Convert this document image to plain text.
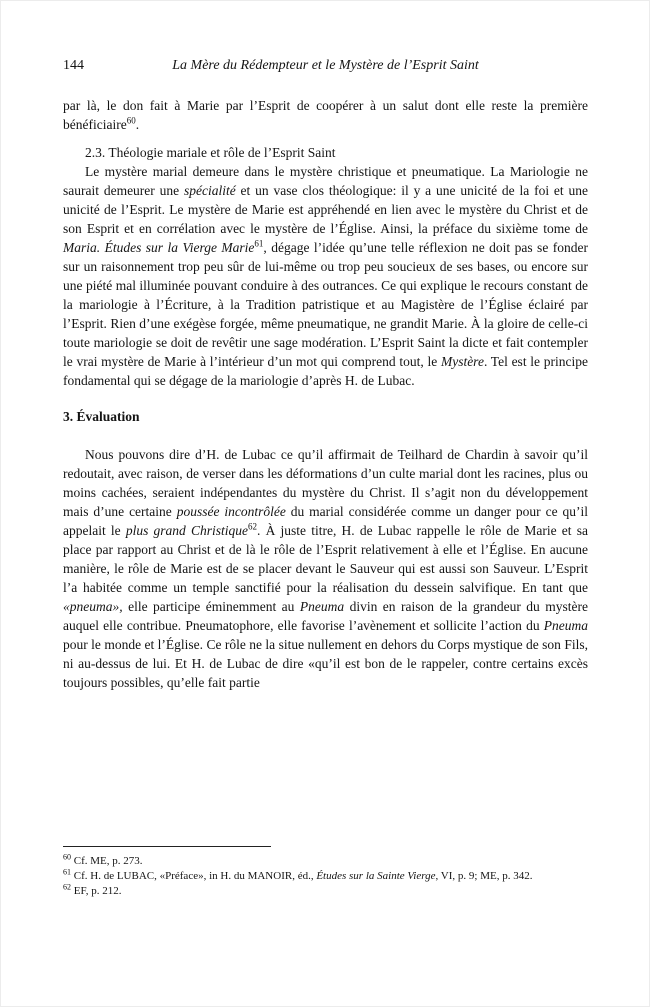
144	La Mère du Rédempteur et le Mystère de l’Esprit Saint

par là, le don fait à Marie par l’Esprit de coopérer à un salut dont elle reste la première bénéficiaire$^{60}$.

2.3. Théologie mariale et rôle de l’Esprit Saint

Le mystère marial demeure dans le mystère christique et pneumatique. La Mariologie ne saurait demeurer une spécialité et un vase clos théologique: il y a une unicité de la foi et une unicité de l’Esprit. Le mystère de Marie est appréhendé en lien avec le mystère du Christ et de son Esprit et en corrélation avec le mystère de l’Église. Ainsi, la préface du sixième tome de Maria. Études sur la Vierge Marie$^{61}$, dégage l’idée qu’une telle réflexion ne doit pas se fonder sur un raisonnement trop peu sûr de lui-même ou trop peu soucieux de ses bases, ou encore sur une piété mal illuminée pouvant conduire à des outrances. Ce qui explique le recours constant de la mariologie à l’Écriture, à la Tradition patristique et au Magistère de l’Église éclairé par l’Esprit. Rien d’une exégèse forgée, même pneumatique, ne grandit Marie. À la gloire de celle-ci toute mariologie se doit de revêtir une sage modération. L’Esprit Saint la dicte et fait contempler le vrai mystère de Marie à l’intérieur d’un mot qui comprend tout, le Mystère. Tel est le principe fondamental qui se dégage de la mariologie d’après H. de Lubac.

3. Évaluation

Nous pouvons dire d’H. de Lubac ce qu’il affirmait de Teilhard de Chardin à savoir qu’il redoutait, avec raison, de verser dans les déformations d’un culte marial dont les racines, plus ou moins cachées, seraient indépendantes du mystère du Christ. Il s’agit non du développement mais d’une certaine poussée incontrôlée du marial considérée comme un danger pour ce qu’il appelait le plus grand Christique$^{62}$. À juste titre, H. de Lubac rappelle le rôle de Marie et sa place par rapport au Christ et de là le rôle de l’Esprit relativement à elle et l’Église. En aucune manière, le rôle de Marie est de se placer devant le Sauveur qui est aussi son Sauveur. L’Esprit l’a habitée comme un temple sanctifié pour la réalisation du dessein salvifique. En tant que «pneuma», elle participe éminemment au Pneuma divin en raison de la grandeur du mystère auquel elle contribue. Pneumatophore, elle favorise l’avènement et sollicite l’action du Pneuma pour le monde et l’Église. Ce rôle ne la situe nullement en dehors du Corps mystique de son Fils, ni au-dessus de lui. Et H. de Lubac de dire «qu’il est bon de le rappeler, contre certains excès toujours possibles, qu’elle fait partie

$^{60}$ Cf. ME, p. 273.

$^{61}$ Cf. H. de LUBAC, «Préface», in H. du MANOIR, éd., Études sur la Sainte Vierge, VI, p. 9; ME, p. 342.

$^{62}$ EF, p. 212.
